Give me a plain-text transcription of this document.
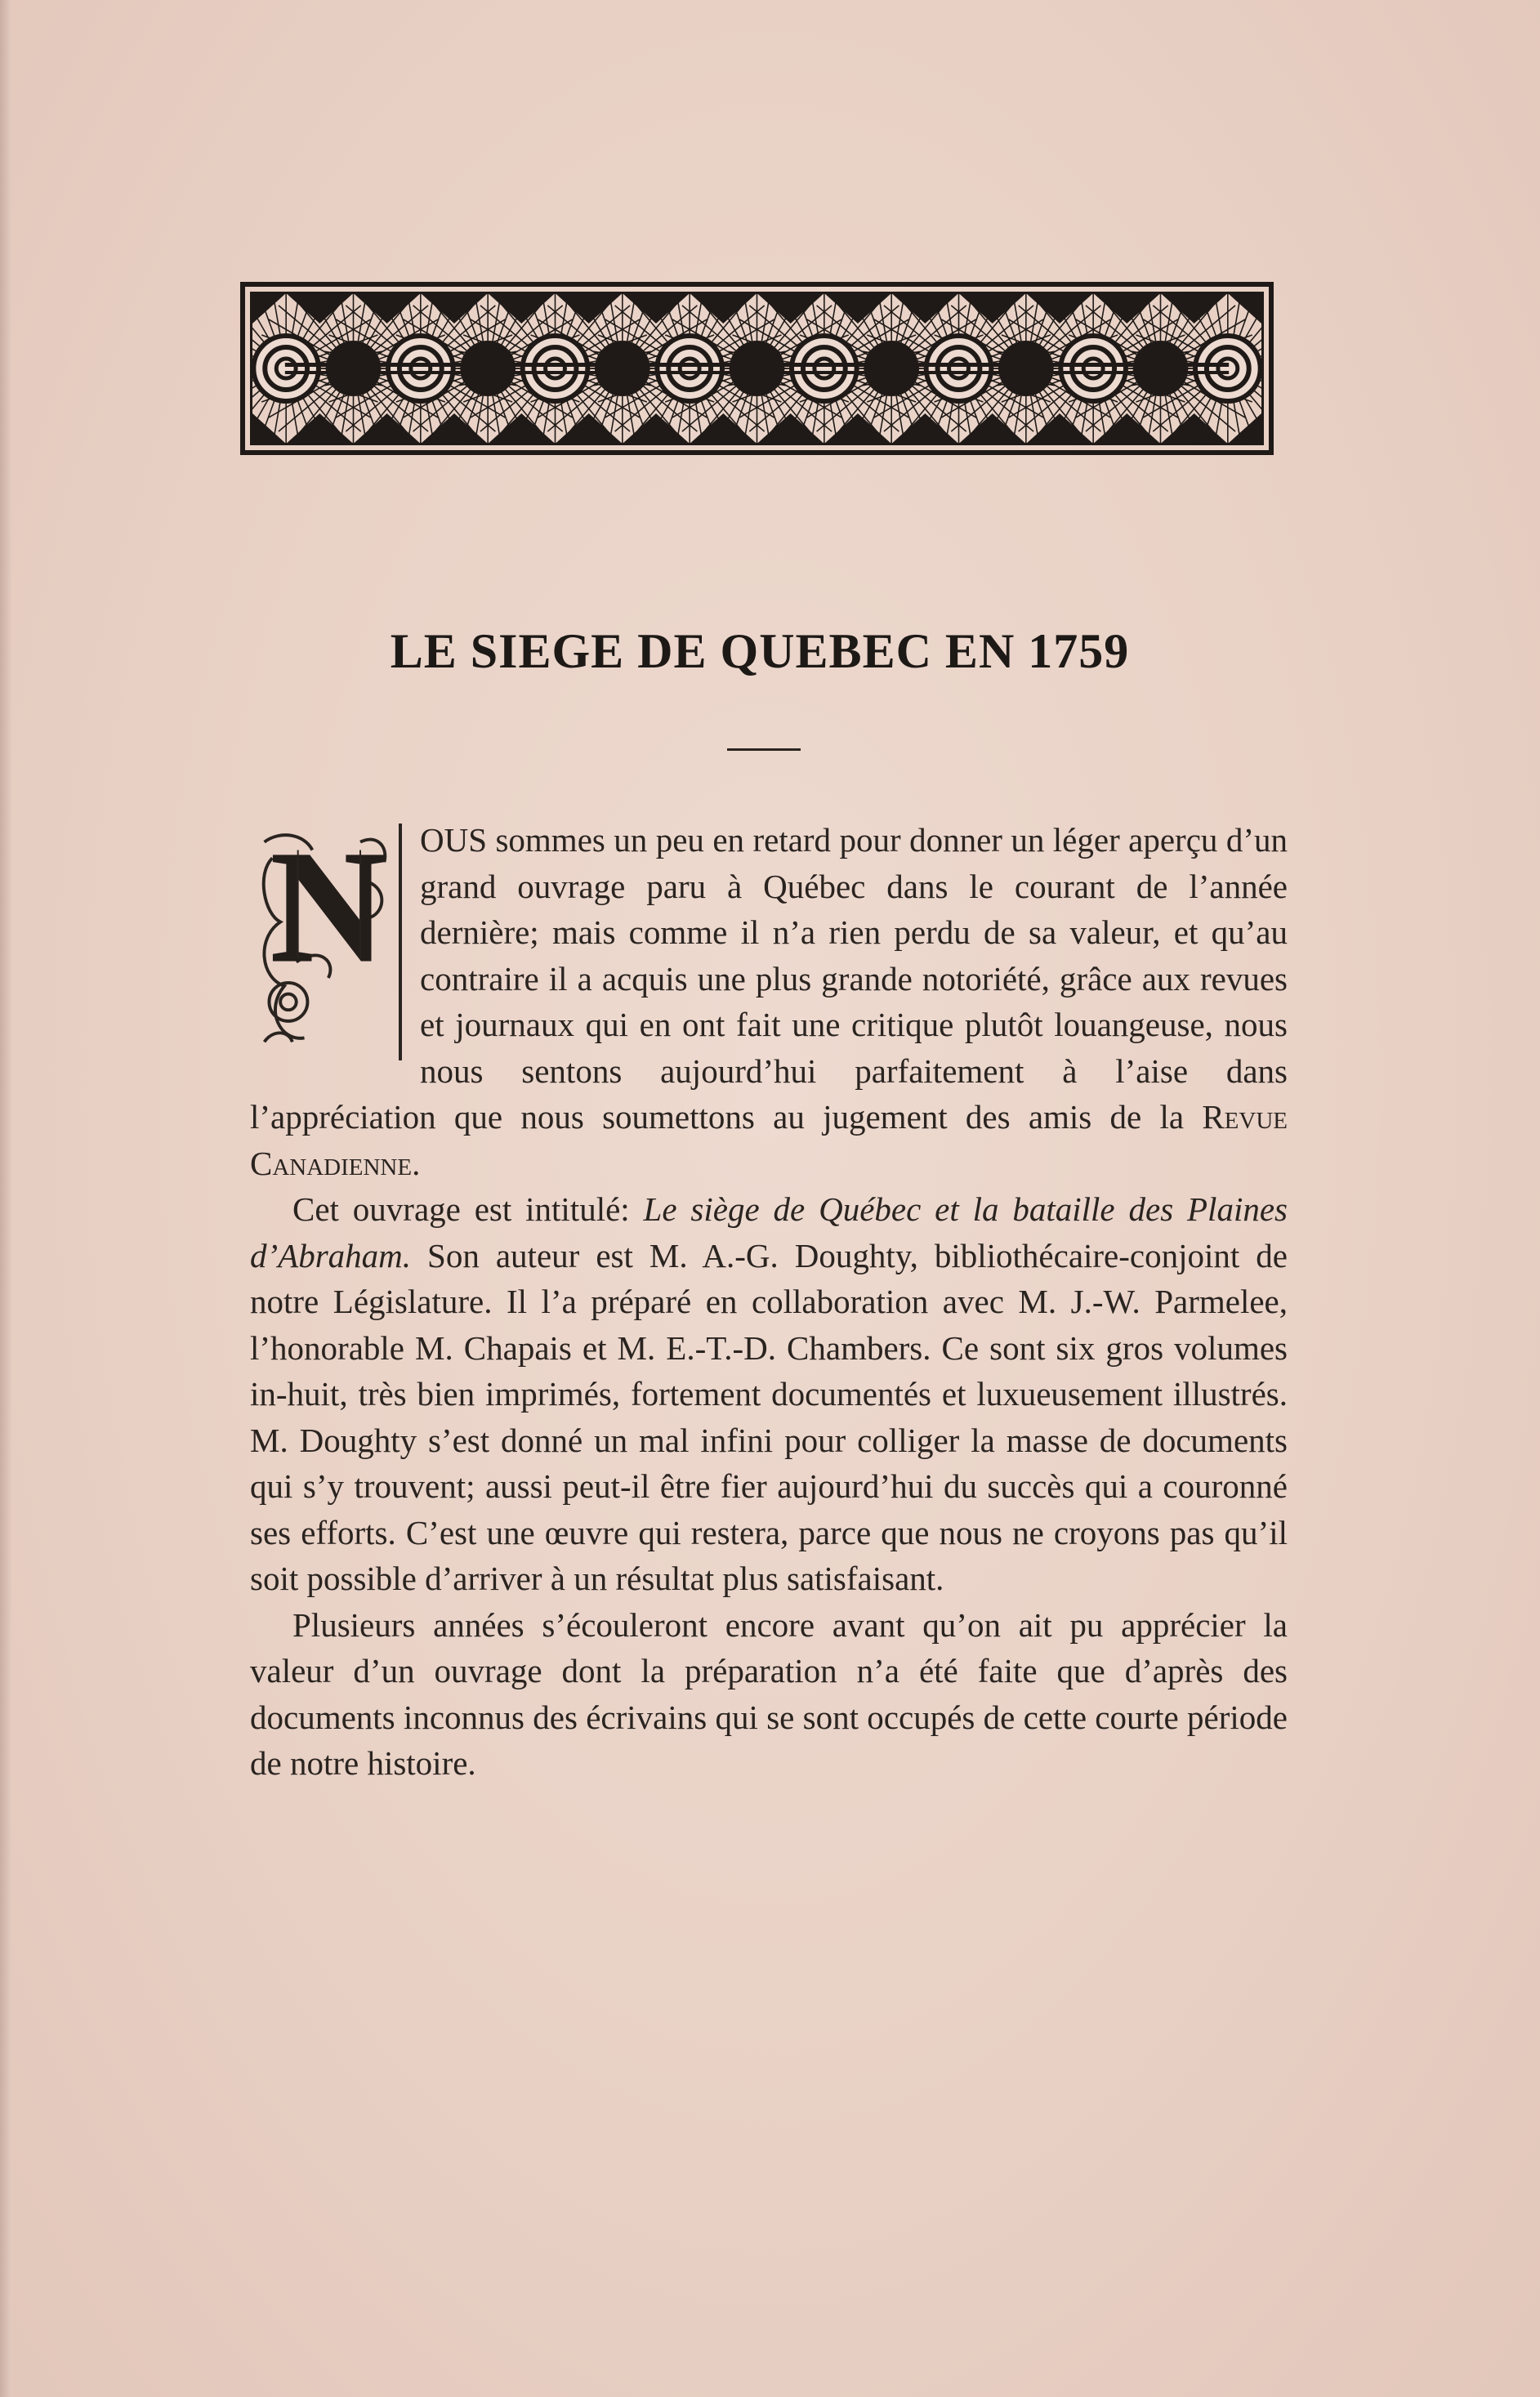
LE SIEGE DE QUEBEC EN 1759

N OUS sommes un peu en retard pour donner un léger aperçu d’un grand ouvrage paru à Québec dans le courant de l’année dernière; mais comme il n’a rien perdu de sa valeur, et qu’au contraire il a acquis une plus grande notoriété, grâce aux revues et journaux qui en ont fait une critique plutôt louangeuse, nous nous sentons aujourd’hui parfaitement à l’aise dans l’appréciation que nous soumettons au jugement des amis de la Revue Canadienne.

Cet ouvrage est intitulé: Le siège de Québec et la bataille des Plaines d’Abraham. Son auteur est M. A.-G. Doughty, bibliothécaire-conjoint de notre Législature. Il l’a préparé en collaboration avec M. J.-W. Parmelee, l’honorable M. Chapais et M. E.-T.-D. Chambers. Ce sont six gros volumes in-huit, très bien imprimés, fortement documentés et luxueusement illustrés. M. Doughty s’est donné un mal infini pour colliger la masse de documents qui s’y trouvent; aussi peut-il être fier aujourd’hui du succès qui a couronné ses efforts. C’est une œuvre qui restera, parce que nous ne croyons pas qu’il soit possible d’arriver à un résultat plus satisfaisant.

Plusieurs années s’écouleront encore avant qu’on ait pu apprécier la valeur d’un ouvrage dont la préparation n’a été faite que d’après des documents inconnus des écrivains qui se sont occupés de cette courte période de notre histoire.
